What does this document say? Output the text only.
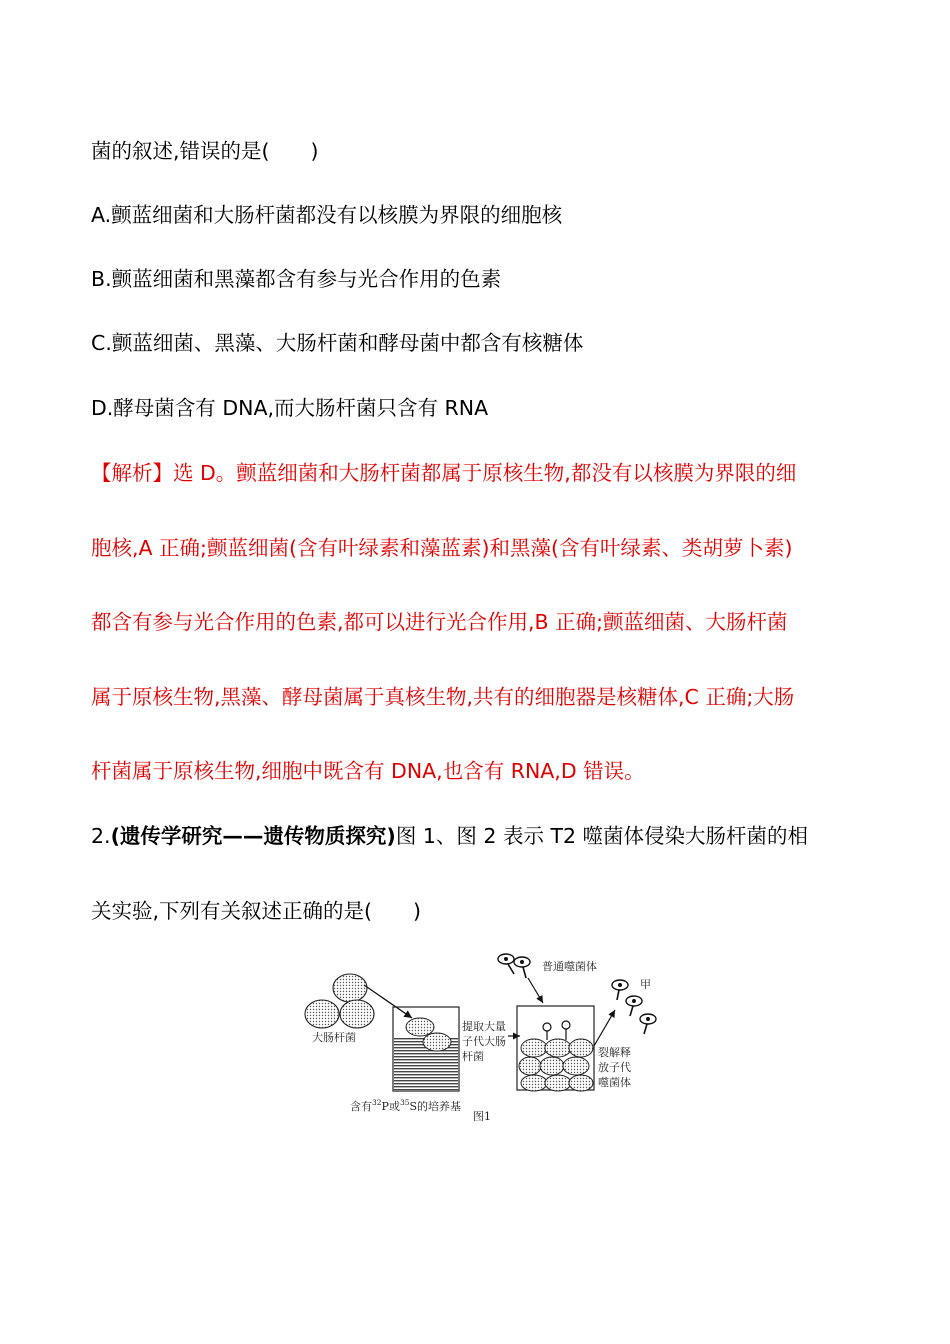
菌的叙述,错误的是(　　)
A.颤蓝细菌和大肠杆菌都没有以核膜为界限的细胞核
B.颤蓝细菌和黑藻都含有参与光合作用的色素
C.颤蓝细菌、黑藻、大肠杆菌和酵母菌中都含有核糖体
D.酵母菌含有 DNA,而大肠杆菌只含有 RNA
【解析】选 D。颤蓝细菌和大肠杆菌都属于原核生物,都没有以核膜为界限的细
胞核,A 正确;颤蓝细菌(含有叶绿素和藻蓝素)和黑藻(含有叶绿素、类胡萝卜素)
都含有参与光合作用的色素,都可以进行光合作用,B 正确;颤蓝细菌、大肠杆菌
属于原核生物,黑藻、酵母菌属于真核生物,共有的细胞器是核糖体,C 正确;大肠
杆菌属于原核生物,细胞中既含有 DNA,也含有 RNA,D 错误。
2.(遗传学研究——遗传物质探究)图 1、图 2 表示 T2 噬菌体侵染大肠杆菌的相
关实验,下列有关叙述正确的是(　　)
大肠杆菌
含有$^{32}$P或$^{35}$S的培养基
提取大量
子代大肠
杆菌
普通噬菌体
甲
裂解释
放子代
噬菌体
图1
